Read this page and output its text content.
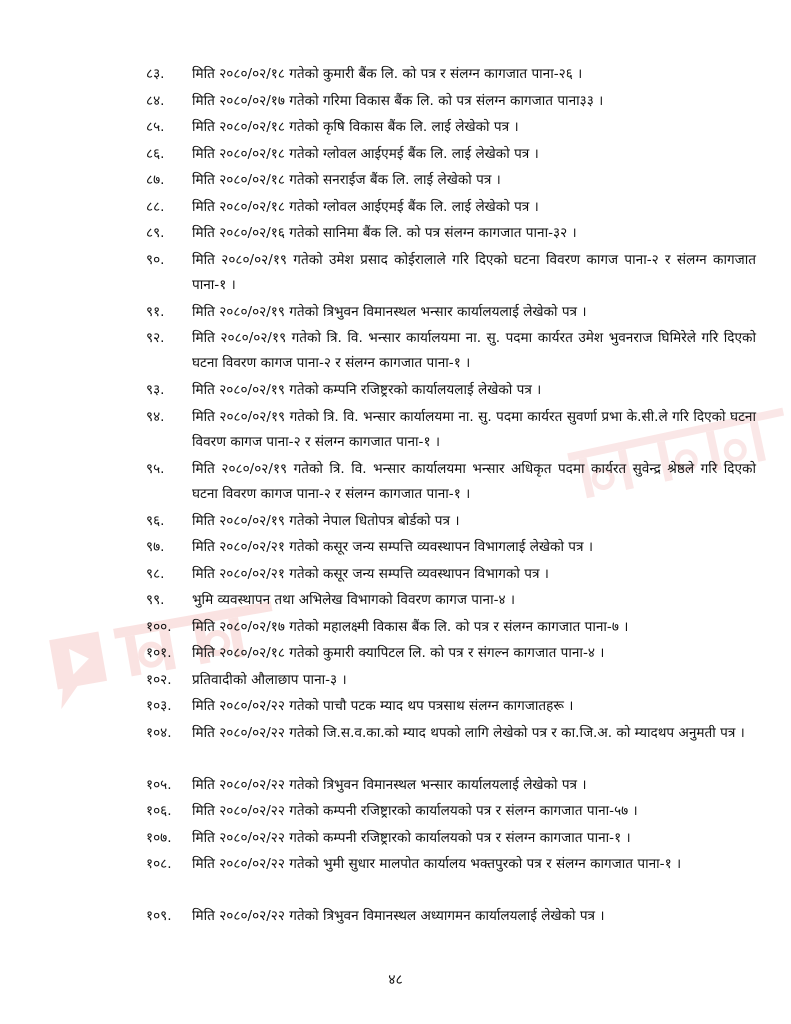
८३.	मिति २०८०/०२/१८ गतेको कुमारी बैंक लि. को पत्र र संलग्न कागजात पाना-२६ ।
८४.	मिति २०८०/०२/१७ गतेको गरिमा विकास बैंक लि. को पत्र संलग्न कागजात पाना३३ ।
८५.	मिति २०८०/०२/१८ गतेको कृषि विकास बैंक लि. लाई लेखेको पत्र ।
८६.	मिति २०८०/०२/१८ गतेको ग्लोवल आईएमई बैंक लि. लाई लेखेको पत्र ।
८७.	मिति २०८०/०२/१८ गतेको सनराईज बैंक लि. लाई लेखेको पत्र ।
८८.	मिति २०८०/०२/१८ गतेको ग्लोवल आईएमई बैंक लि. लाई लेखेको पत्र ।
८९.	मिति २०८०/०२/१६ गतेको सानिमा बैंक लि. को पत्र संलग्न कागजात पाना-३२ ।
९०.	मिति २०८०/०२/१९ गतेको उमेश प्रसाद कोईरालाले गरि दिएको घटना विवरण कागज पाना-२ र संलग्न कागजात पाना-१ ।
९१.	मिति २०८०/०२/१९ गतेको त्रिभुवन विमानस्थल भन्सार कार्यालयलाई लेखेको पत्र ।
९२.	मिति २०८०/०२/१९ गतेको त्रि. वि. भन्सार कार्यालयमा ना. सु. पदमा कार्यरत उमेश भुवनराज घिमिरेले गरि दिएको घटना विवरण कागज पाना-२ र संलग्न कागजात पाना-१ ।
९३.	मिति २०८०/०२/१९ गतेको कम्पनि रजिष्ट्ररको कार्यालयलाई लेखेको पत्र ।
९४.	मिति २०८०/०२/१९ गतेको त्रि. वि. भन्सार कार्यालयमा ना. सु. पदमा कार्यरत सुवर्णा प्रभा के.सी.ले गरि दिएको घटना विवरण कागज पाना-२ र संलग्न कागजात पाना-१ ।
९५.	मिति २०८०/०२/१९ गतेको त्रि. वि. भन्सार कार्यालयमा भन्सार अधिकृत पदमा कार्यरत सुवेन्द्र श्रेष्ठले गरि दिएको घटना विवरण कागज पाना-२ र संलग्न कागजात पाना-१ ।
९६.	मिति २०८०/०२/१९ गतेको नेपाल धितोपत्र बोर्डको पत्र ।
९७.	मिति २०८०/०२/२१ गतेको कसूर जन्य सम्पत्ति व्यवस्थापन विभागलाई लेखेको पत्र ।
९८.	मिति २०८०/०२/२१ गतेको कसूर जन्य सम्पत्ति व्यवस्थापन विभागको पत्र ।
९९.	भुमि व्यवस्थापन तथा अभिलेख विभागको विवरण कागज पाना-४ ।
१००.	मिति २०८०/०२/१७ गतेको महालक्ष्मी विकास बैंक लि. को पत्र र संलग्न कागजात पाना-७ ।
१०१.	मिति २०८०/०२/१८ गतेको कुमारी क्यापिटल लि. को पत्र र संगल्न कागजात पाना-४ ।
१०२.	प्रतिवादीको औलाछाप पाना-३ ।
१०३.	मिति २०८०/०२/२२ गतेको पाचौ पटक म्याद थप पत्रसाथ संलग्न कागजातहरू ।
१०४.	मिति २०८०/०२/२२ गतेको जि.स.व.का.को म्याद थपको लागि लेखेको पत्र र का.जि.अ. को म्यादथप अनुमती पत्र ।
१०५.	मिति २०८०/०२/२२ गतेको त्रिभुवन विमानस्थल भन्सार कार्यालयलाई लेखेको पत्र ।
१०६.	मिति २०८०/०२/२२ गतेको कम्पनी रजिष्ट्रारको कार्यालयको पत्र र संलग्न कागजात पाना-५७ ।
१०७.	मिति २०८०/०२/२२ गतेको कम्पनी रजिष्ट्रारको कार्यालयको पत्र र संलग्न कागजात पाना-१ ।
१०८.	मिति २०८०/०२/२२ गतेको भुमी सुधार मालपोत कार्यालय भक्तपुरको पत्र र संलग्न कागजात पाना-१ ।
१०९.	मिति २०८०/०२/२२ गतेको त्रिभुवन विमानस्थल अध्यागमन कार्यालयलाई लेखेको पत्र ।
४८
